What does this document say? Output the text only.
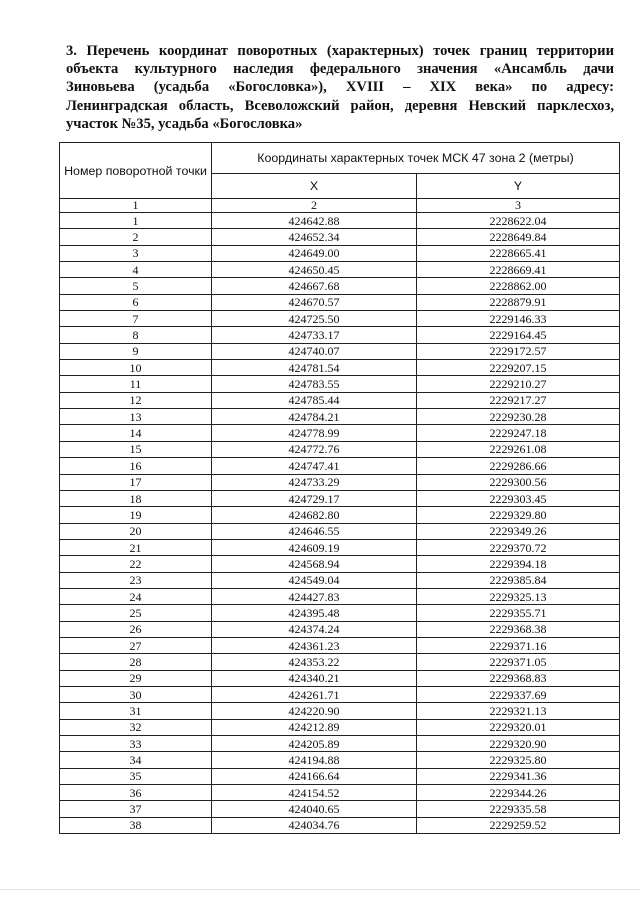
3. Перечень координат поворотных (характерных) точек границ территории
объекта культурного наследия федерального значения «Ансамбль дачи
Зиновьева (усадьба «Богословка»), XVIII – XIX века» по адресу:
Ленинградская область, Всеволожский район, деревня Невский парклесхоз,
участок №35, усадьба «Богословка»
Номер поворотной точки	Координаты характерных точек МСК 47 зона 2 (метры)	
	X	Y
1	2	3
1	424642.88	2228622.04
2	424652.34	2228649.84
3	424649.00	2228665.41
4	424650.45	2228669.41
5	424667.68	2228862.00
6	424670.57	2228879.91
7	424725.50	2229146.33
8	424733.17	2229164.45
9	424740.07	2229172.57
10	424781.54	2229207.15
11	424783.55	2229210.27
12	424785.44	2229217.27
13	424784.21	2229230.28
14	424778.99	2229247.18
15	424772.76	2229261.08
16	424747.41	2229286.66
17	424733.29	2229300.56
18	424729.17	2229303.45
19	424682.80	2229329.80
20	424646.55	2229349.26
21	424609.19	2229370.72
22	424568.94	2229394.18
23	424549.04	2229385.84
24	424427.83	2229325.13
25	424395.48	2229355.71
26	424374.24	2229368.38
27	424361.23	2229371.16
28	424353.22	2229371.05
29	424340.21	2229368.83
30	424261.71	2229337.69
31	424220.90	2229321.13
32	424212.89	2229320.01
33	424205.89	2229320.90
34	424194.88	2229325.80
35	424166.64	2229341.36
36	424154.52	2229344.26
37	424040.65	2229335.58
38	424034.76	2229259.52
